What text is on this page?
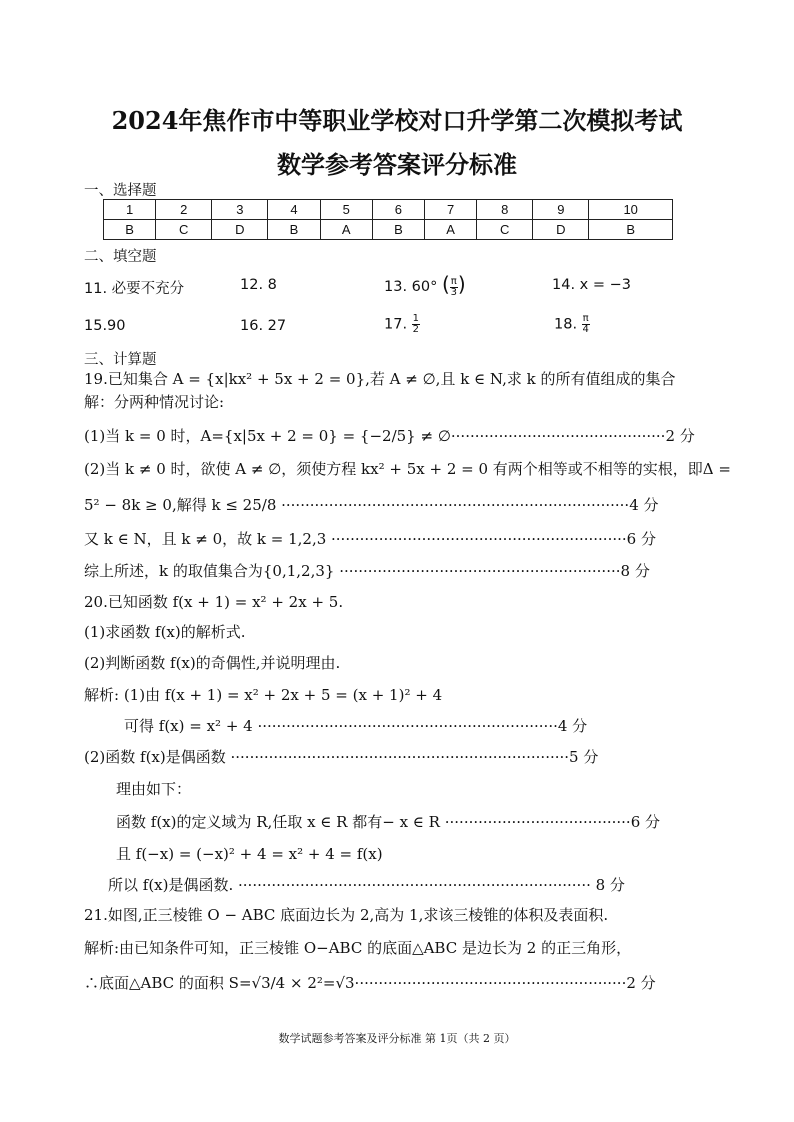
2024年焦作市中等职业学校对口升学第二次模拟考试
数学参考答案评分标准
一、选择题
1	2	3	4	5	6	7	8	9	10
B	C	D	B	A	B	A	C	D	B
二、填空题
11. 必要不充分	12. 8	13. 60° ( $\frac{\pi}{3}$ )	14. x = −3
15.90	16. 27	17. $\frac{1}{2}$	18. $\frac{\pi}{4}$
三、计算题
19.已知集合 A = {x|kx² + 5x + 2 = 0},若 A ≠ ∅,且 k ∈ N,求 k 的所有值组成的集合
解：分两种情况讨论:
(1)当 k = 0 时，A={x|5x + 2 = 0} = {−2/5} ≠ ∅·············································2 分
(2)当 k ≠ 0 时，欲使 A ≠ ∅，须使方程 kx² + 5x + 2 = 0 有两个相等或不相等的实根，即Δ =
5² − 8k ≥ 0,解得 k ≤ 25/8 ·········································································4 分
又 k ∈ N，且 k ≠ 0，故 k = 1,2,3 ······························································6 分
综上所述，k 的取值集合为{0,1,2,3} ···························································8 分
20.已知函数 f(x + 1) = x² + 2x + 5.
(1)求函数 f(x)的解析式.
(2)判断函数 f(x)的奇偶性,并说明理由.
解析: (1)由 f(x + 1) = x² + 2x + 5 = (x + 1)² + 4
可得 f(x) = x² + 4 ·······························································4 分
(2)函数 f(x)是偶函数 ·······································································5 分
理由如下：
函数 f(x)的定义域为 R,任取 x ∈ R 都有− x ∈ R ·······································6 分
且 f(−x) = (−x)² + 4 = x² + 4 = f(x)
所以 f(x)是偶函数. ·········································································· 8 分
21.如图,正三棱锥 O − ABC 底面边长为 2,高为 1,求该三棱锥的体积及表面积.
解析:由已知条件可知，正三棱锥 O−ABC 的底面△ABC 是边长为 2 的正三角形，
∴底面△ABC 的面积 S=√3/4 × 2²=√3·························································2 分
数学试题参考答案及评分标准 第 1页（共 2 页）
